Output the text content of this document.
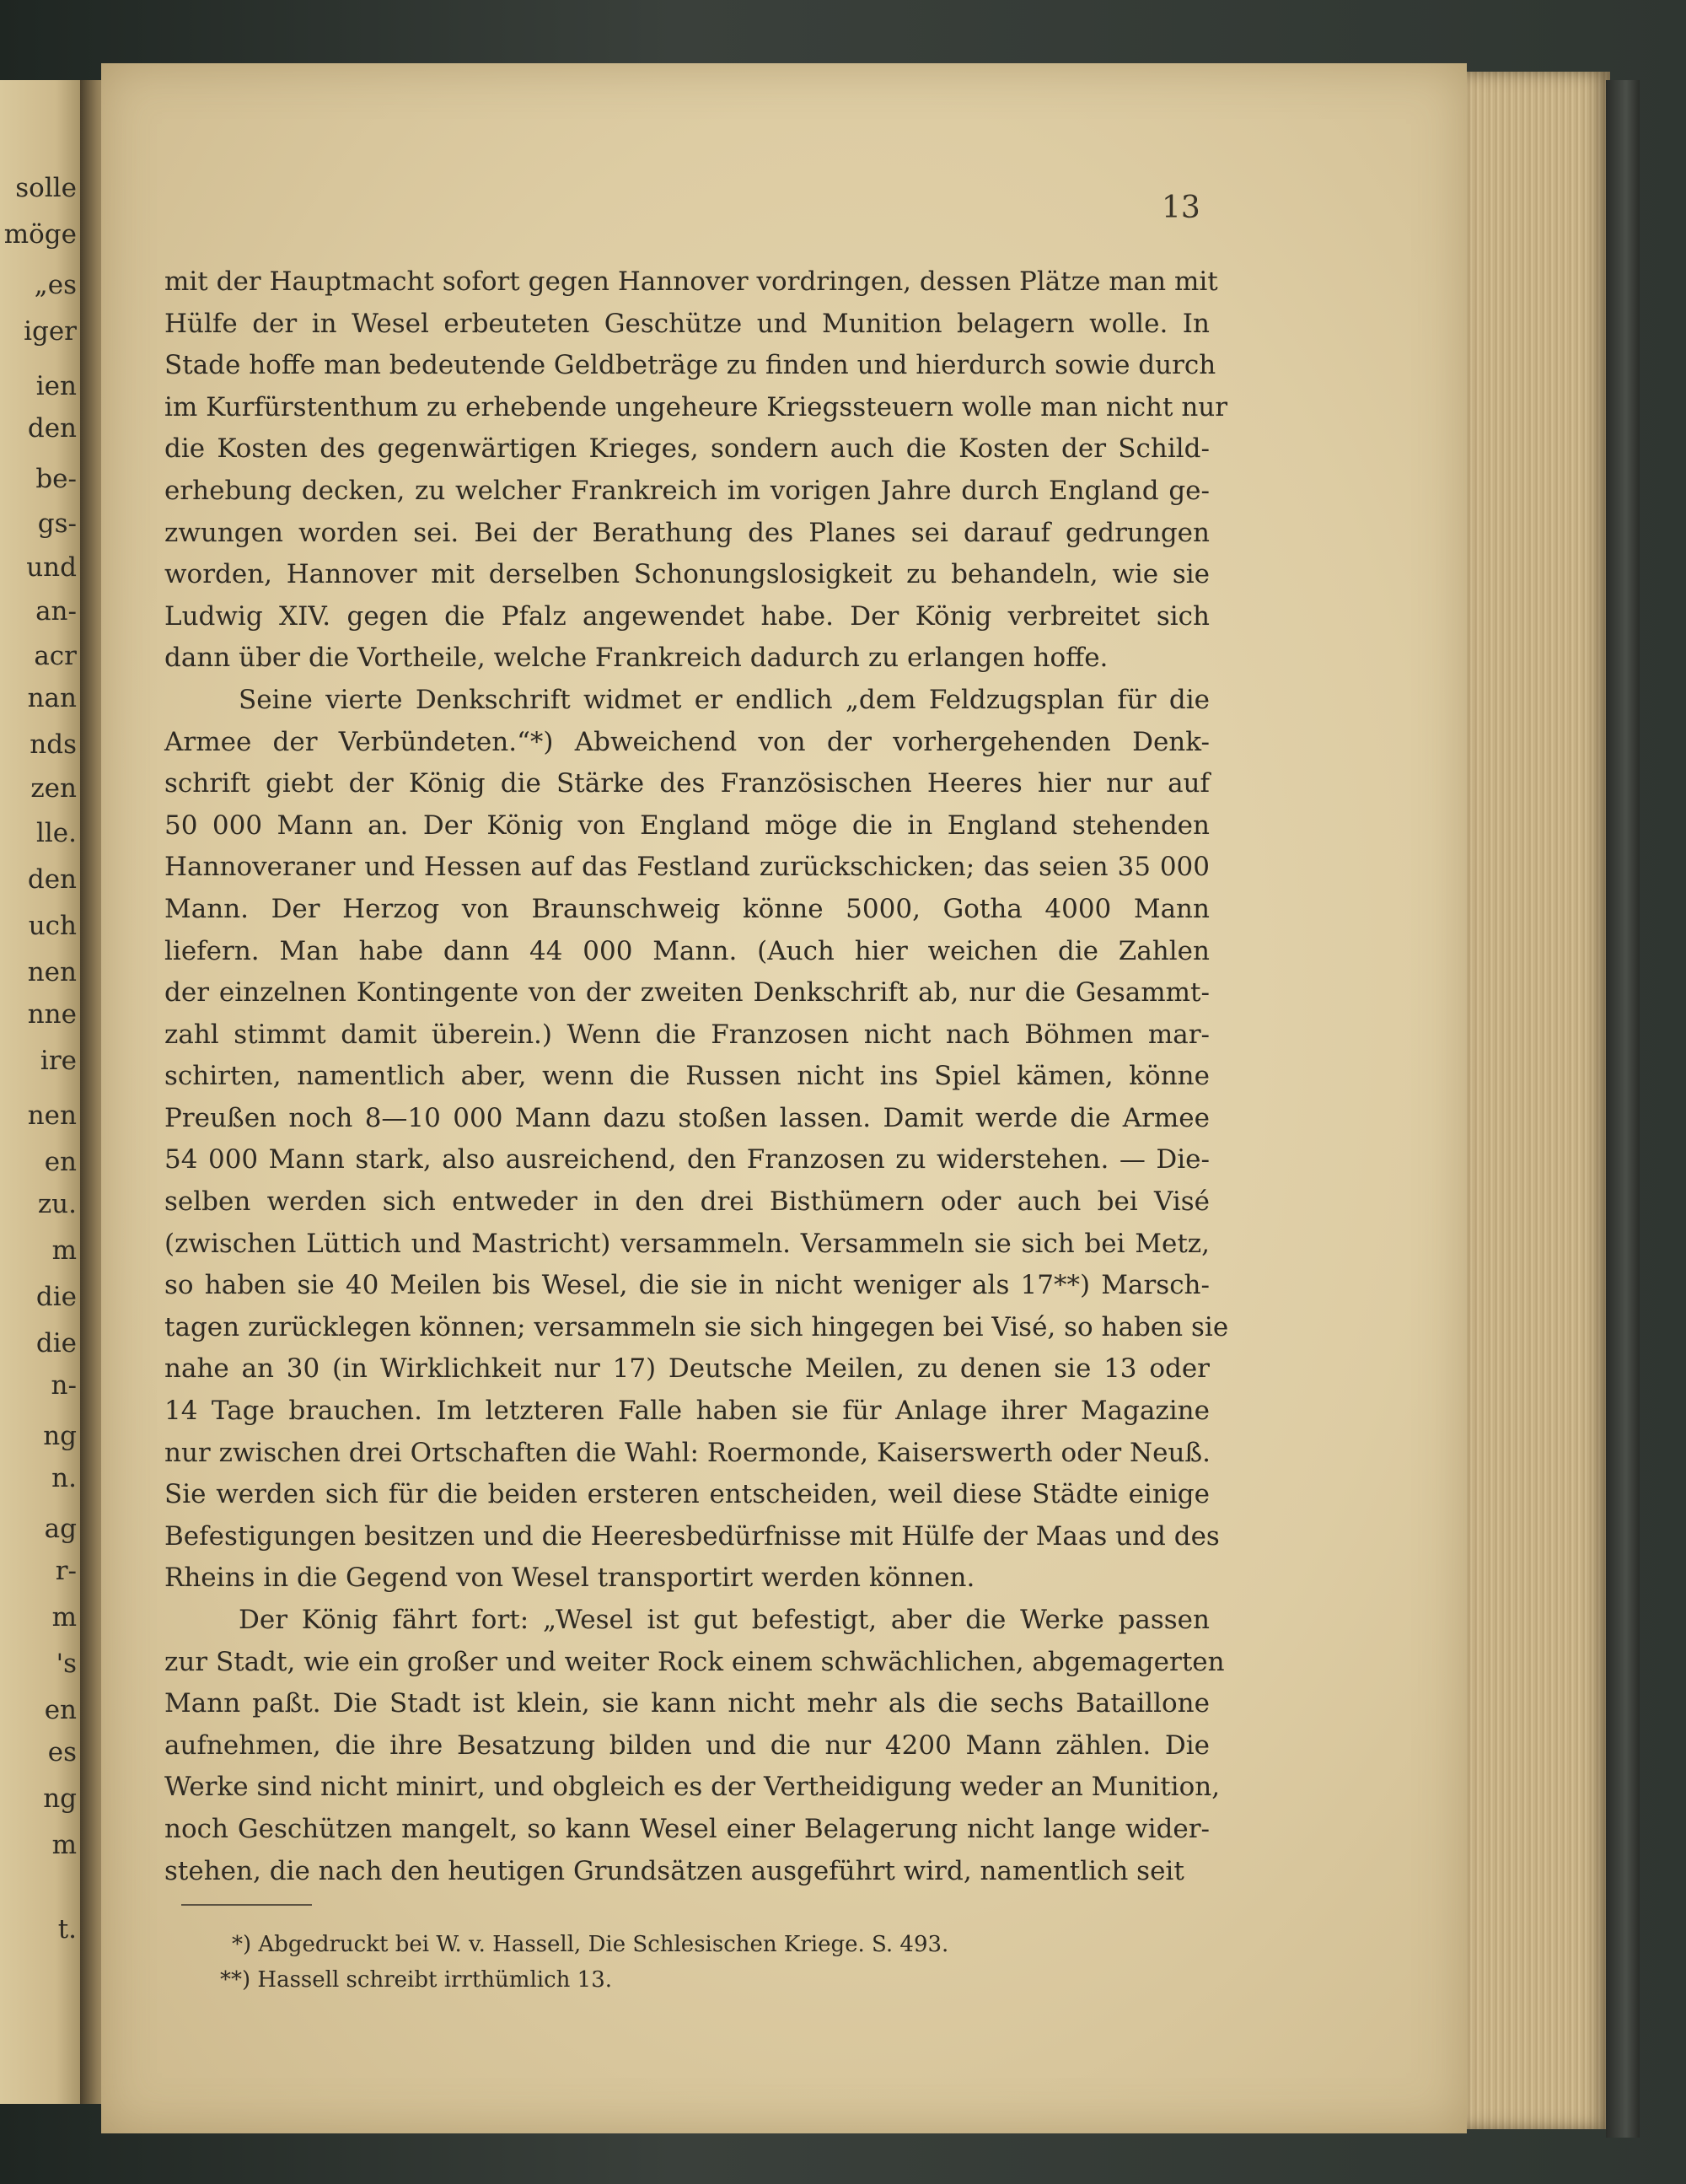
solle
möge
„es
iger
ien
den
be-
gs-
und
an-
acr
nan
nds
zen
lle.
den
uch
nen
nne
ire
nen
en
zu.
m
die
die
n-
ng
n.
ag
r-
m
's
en
es
ng
m
t.
13
mit der Hauptmacht sofort gegen Hannover vordringen, dessen Plätze man mit
Hülfe der in Wesel erbeuteten Geschütze und Munition belagern wolle. In
Stade hoffe man bedeutende Geldbeträge zu finden und hierdurch sowie durch
im Kurfürstenthum zu erhebende ungeheure Kriegssteuern wolle man nicht nur
die Kosten des gegenwärtigen Krieges, sondern auch die Kosten der Schild-
erhebung decken, zu welcher Frankreich im vorigen Jahre durch England ge-
zwungen worden sei. Bei der Berathung des Planes sei darauf gedrungen
worden, Hannover mit derselben Schonungslosigkeit zu behandeln, wie sie
Ludwig XIV. gegen die Pfalz angewendet habe. Der König verbreitet sich
dann über die Vortheile, welche Frankreich dadurch zu erlangen hoffe.
Seine vierte Denkschrift widmet er endlich „dem Feldzugsplan für die
Armee der Verbündeten.“*) Abweichend von der vorhergehenden Denk-
schrift giebt der König die Stärke des Französischen Heeres hier nur auf
50 000 Mann an. Der König von England möge die in England stehenden
Hannoveraner und Hessen auf das Festland zurückschicken; das seien 35 000
Mann. Der Herzog von Braunschweig könne 5000, Gotha 4000 Mann
liefern. Man habe dann 44 000 Mann. (Auch hier weichen die Zahlen
der einzelnen Kontingente von der zweiten Denkschrift ab, nur die Gesammt-
zahl stimmt damit überein.) Wenn die Franzosen nicht nach Böhmen mar-
schirten, namentlich aber, wenn die Russen nicht ins Spiel kämen, könne
Preußen noch 8—10 000 Mann dazu stoßen lassen. Damit werde die Armee
54 000 Mann stark, also ausreichend, den Franzosen zu widerstehen. — Die-
selben werden sich entweder in den drei Bisthümern oder auch bei Visé
(zwischen Lüttich und Mastricht) versammeln. Versammeln sie sich bei Metz,
so haben sie 40 Meilen bis Wesel, die sie in nicht weniger als 17**) Marsch-
tagen zurücklegen können; versammeln sie sich hingegen bei Visé, so haben sie
nahe an 30 (in Wirklichkeit nur 17) Deutsche Meilen, zu denen sie 13 oder
14 Tage brauchen. Im letzteren Falle haben sie für Anlage ihrer Magazine
nur zwischen drei Ortschaften die Wahl: Roermonde, Kaiserswerth oder Neuß.
Sie werden sich für die beiden ersteren entscheiden, weil diese Städte einige
Befestigungen besitzen und die Heeresbedürfnisse mit Hülfe der Maas und des
Rheins in die Gegend von Wesel transportirt werden können.
Der König fährt fort: „Wesel ist gut befestigt, aber die Werke passen
zur Stadt, wie ein großer und weiter Rock einem schwächlichen, abgemagerten
Mann paßt. Die Stadt ist klein, sie kann nicht mehr als die sechs Bataillone
aufnehmen, die ihre Besatzung bilden und die nur 4200 Mann zählen. Die
Werke sind nicht minirt, und obgleich es der Vertheidigung weder an Munition,
noch Geschützen mangelt, so kann Wesel einer Belagerung nicht lange wider-
stehen, die nach den heutigen Grundsätzen ausgeführt wird, namentlich seit
*) Abgedruckt bei W. v. Hassell, Die Schlesischen Kriege. S. 493.
**) Hassell schreibt irrthümlich 13.
